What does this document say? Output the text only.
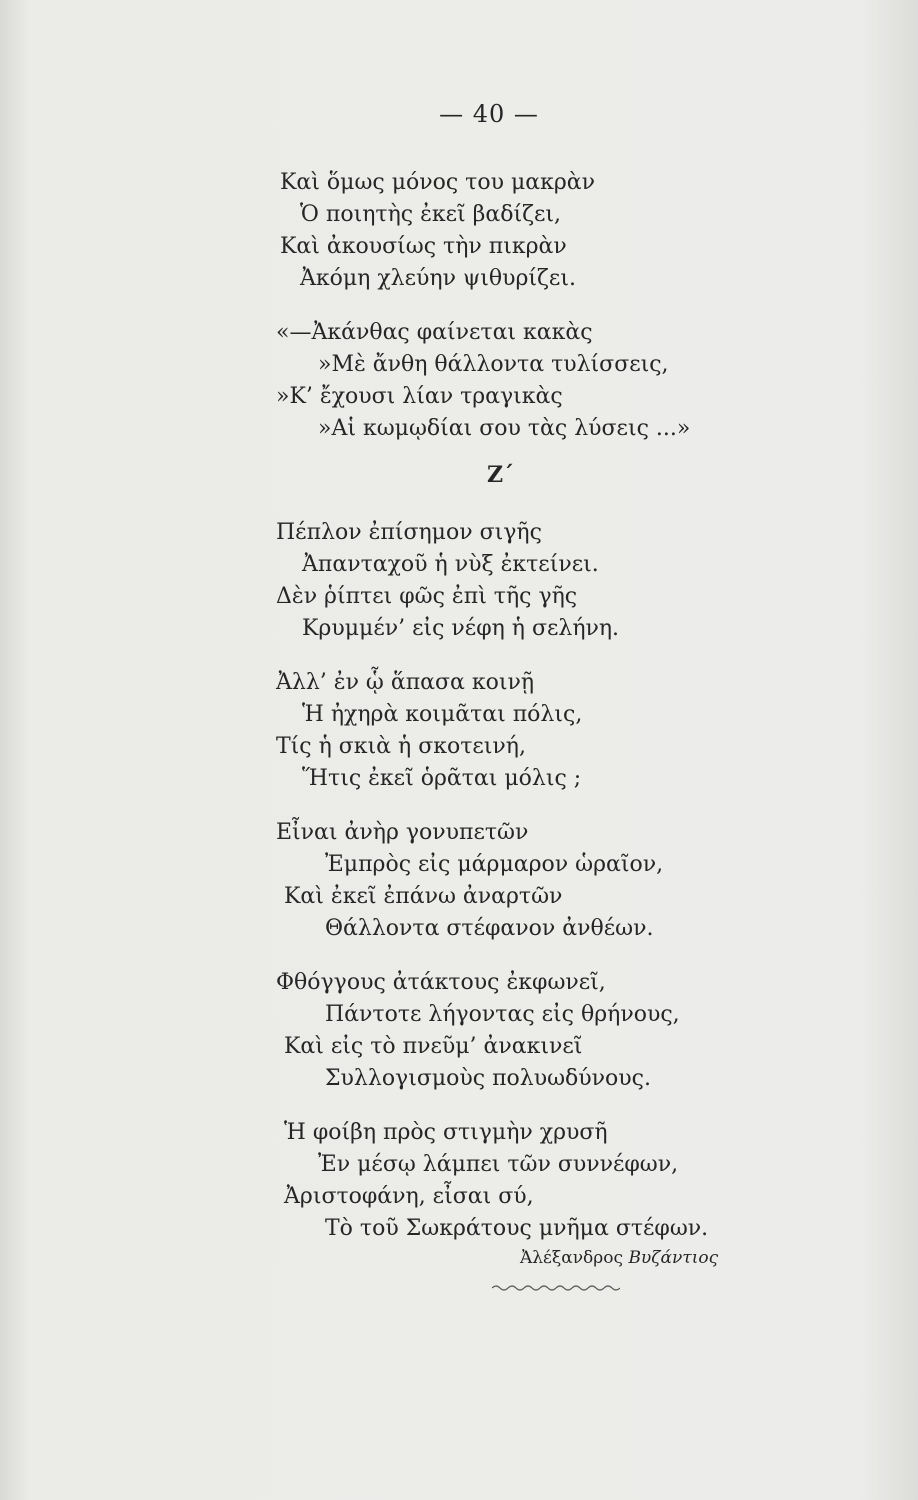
— 40 —
Καὶ ὅμως μόνος του μακρὰν
Ὁ ποιητὴς ἐκεῖ βαδίζει,
Καὶ ἀκουσίως τὴν πικρὰν
Ἀκόμη χλεύην ψιθυρίζει.
«—Ἀκάνθας φαίνεται κακὰς
»Μὲ ἄνθη θάλλοντα τυλίσσεις,
»Κ’ ἔχουσι λίαν τραγικὰς
»Αἱ κωμῳδίαι σου τὰς λύσεις ...»
Ζ΄
Πέπλον ἐπίσημον σιγῆς
Ἀπανταχοῦ ἡ νὺξ ἐκτείνει.
Δὲν ῥίπτει φῶς ἐπὶ τῆς γῆς
Κρυμμέν’ εἰς νέφη ἡ σελήνη.
Ἀλλ’ ἐν ᾧ ἅπασα κοινῇ
Ἡ ἠχηρὰ κοιμᾶται πόλις,
Τίς ἡ σκιὰ ἡ σκοτεινή,
Ἥτις ἐκεῖ ὁρᾶται μόλις ;
Εἶναι ἀνὴρ γονυπετῶν
Ἐμπρὸς εἰς μάρμαρον ὡραῖον,
Καὶ ἐκεῖ ἐπάνω ἀναρτῶν
Θάλλοντα στέφανον ἀνθέων.
Φθόγγους ἀτάκτους ἐκφωνεῖ,
Πάντοτε λήγοντας εἰς θρήνους,
Καὶ εἰς τὸ πνεῦμ’ ἀνακινεῖ
Συλλογισμοὺς πολυωδύνους.
Ἡ φοίβη πρὸς στιγμὴν χρυσῆ
Ἐν μέσῳ λάμπει τῶν συννέφων,
Ἀριστοφάνη, εἶσαι σύ,
Τὸ τοῦ Σωκράτους μνῆμα στέφων.
Ἀλέξανδρος Βυζάντιος
